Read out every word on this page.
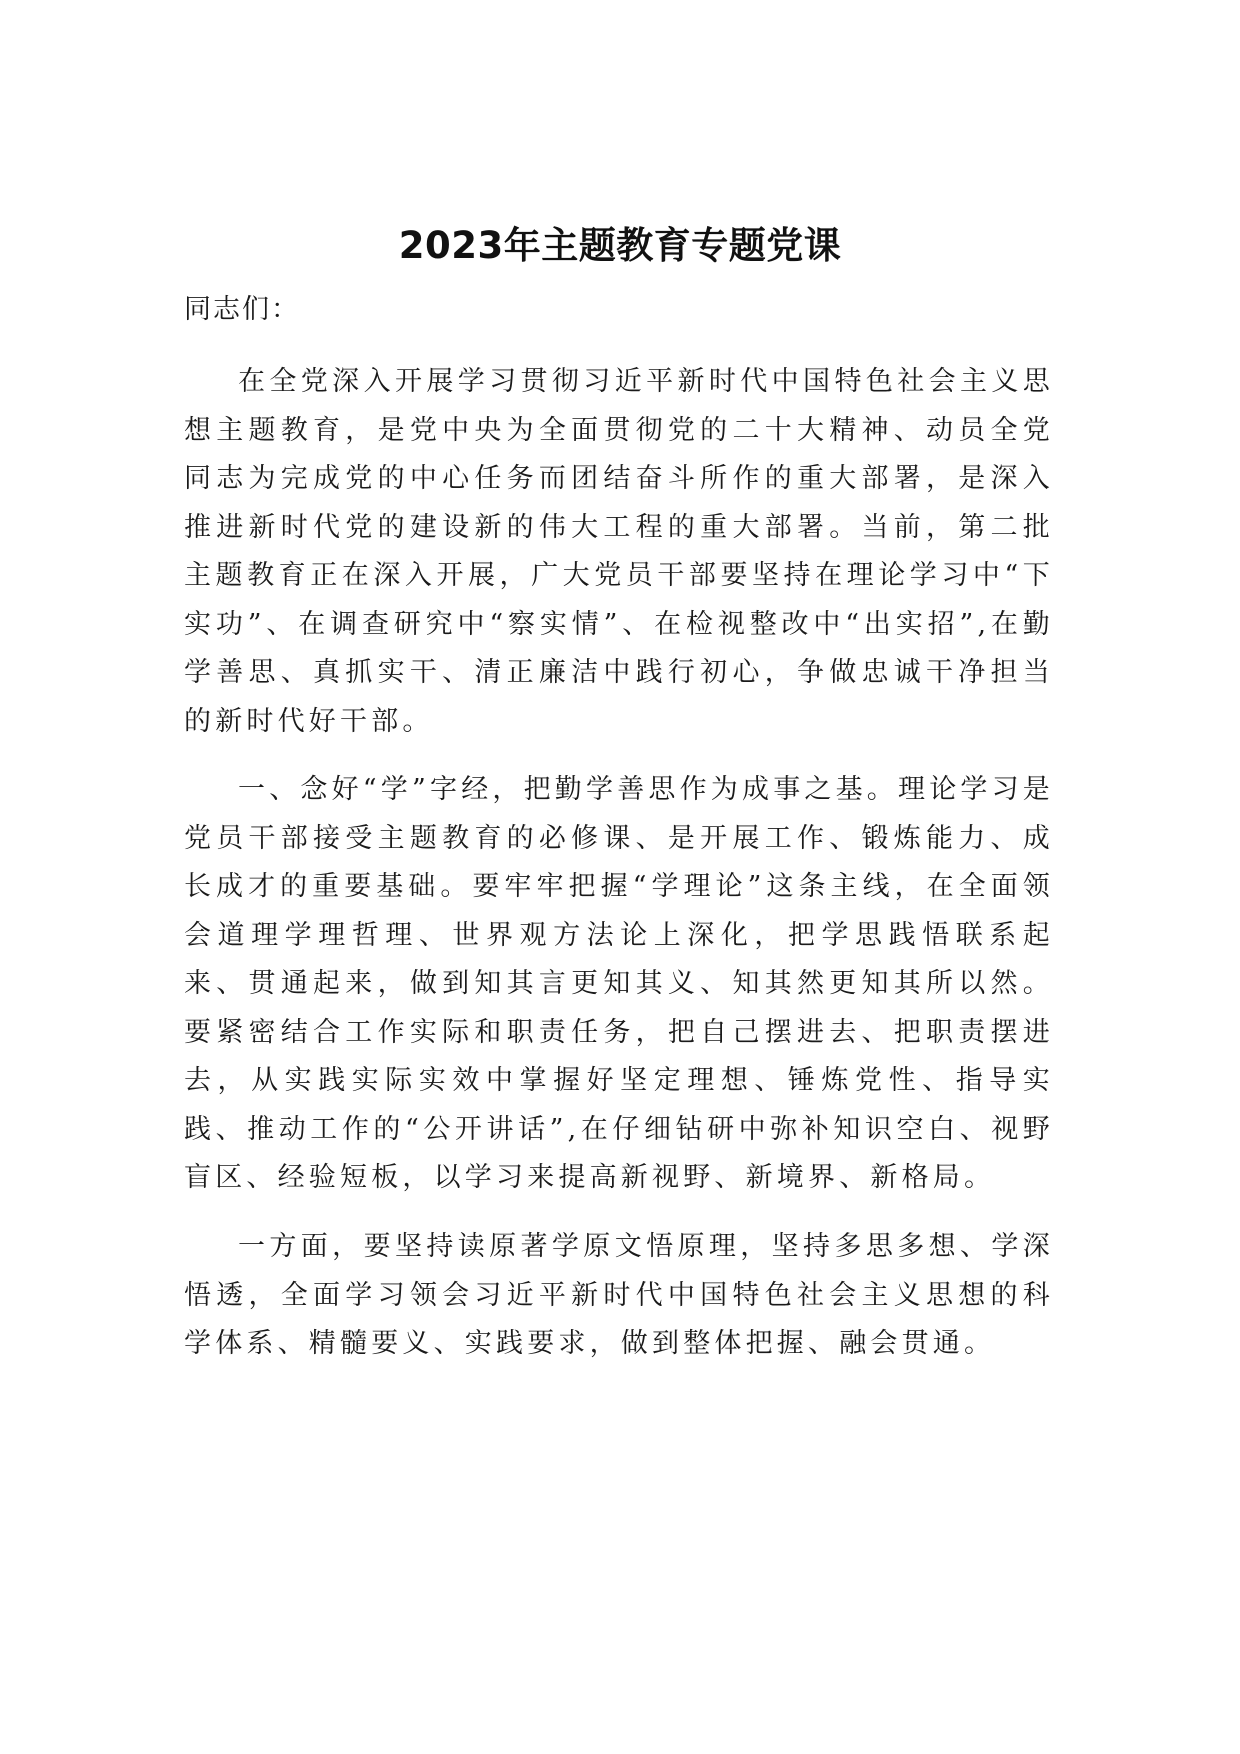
2023年主题教育专题党课
同志们：

在全党深入开展学习贯彻习近平新时代中国特色社会主义思想主题教育，是党中央为全面贯彻党的二十大精神、动员全党同志为完成党的中心任务而团结奋斗所作的重大部署，是深入推进新时代党的建设新的伟大工程的重大部署。当前，第二批主题教育正在深入开展，广大党员干部要坚持在理论学习中“下实功”、在调查研究中“察实情”、在检视整改中“出实招”,在勤学善思、真抓实干、清正廉洁中践行初心，争做忠诚干净担当的新时代好干部。

一、念好“学”字经，把勤学善思作为成事之基。理论学习是党员干部接受主题教育的必修课、是开展工作、锻炼能力、成长成才的重要基础。要牢牢把握“学理论”这条主线，在全面领会道理学理哲理、世界观方法论上深化，把学思践悟联系起来、贯通起来，做到知其言更知其义、知其然更知其所以然。要紧密结合工作实际和职责任务，把自己摆进去、把职责摆进去，从实践实际实效中掌握好坚定理想、锤炼党性、指导实践、推动工作的“公开讲话”,在仔细钻研中弥补知识空白、视野盲区、经验短板，以学习来提高新视野、新境界、新格局。

一方面，要坚持读原著学原文悟原理，坚持多思多想、学深悟透，全面学习领会习近平新时代中国特色社会主义思想的科学体系、精髓要义、实践要求，做到整体把握、融会贯通。
